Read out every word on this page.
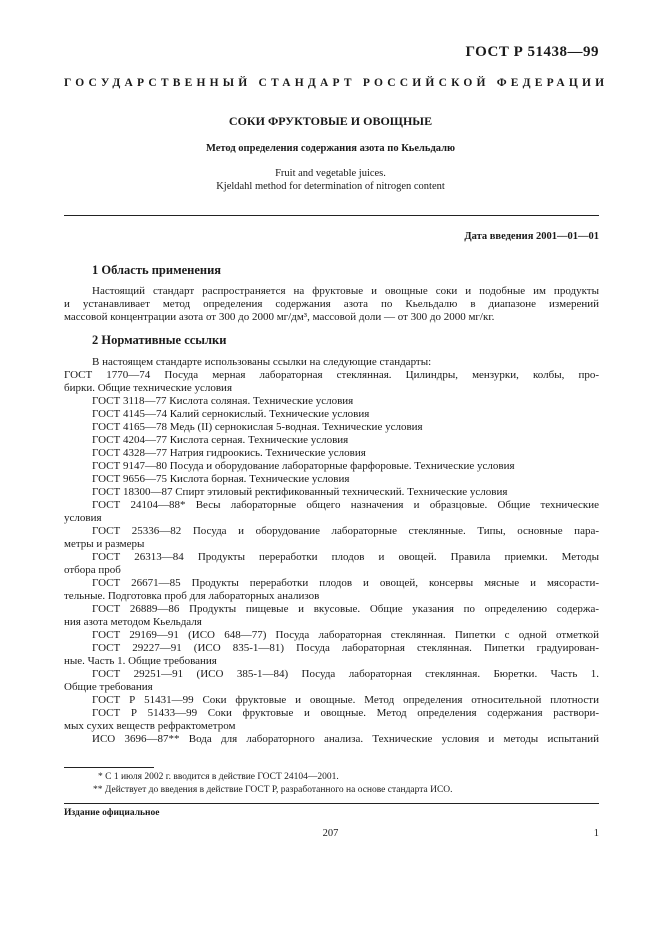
ГОСТ Р 51438—99
ГОСУДАРСТВЕННЫЙ СТАНДАРТ РОССИЙСКОЙ ФЕДЕРАЦИИ
СОКИ ФРУКТОВЫЕ И ОВОЩНЫЕ
Метод определения содержания азота по Кьельдалю
Fruit and vegetable juices.
Kjeldahl method for determination of nitrogen content
Дата введения 2001—01—01
1 Область применения
Настоящий стандарт распространяется на фруктовые и овощные соки и подобные им продукты
и устанавливает метод определения содержания азота по Кьельдалю в диапазоне измерений
массовой концентрации азота от 300 до 2000 мг/дм³, массовой доли — от 300 до 2000 мг/кг.
2 Нормативные ссылки
В настоящем стандарте использованы ссылки на следующие стандарты:
ГОСТ 1770—74 Посуда мерная лабораторная стеклянная. Цилиндры, мензурки, колбы, про-
бирки. Общие технические условия
ГОСТ 3118—77 Кислота соляная. Технические условия
ГОСТ 4145—74 Калий сернокислый. Технические условия
ГОСТ 4165—78 Медь (II) сернокислая 5-водная. Технические условия
ГОСТ 4204—77 Кислота серная. Технические условия
ГОСТ 4328—77 Натрия гидроокись. Технические условия
ГОСТ 9147—80 Посуда и оборудование лабораторные фарфоровые. Технические условия
ГОСТ 9656—75 Кислота борная. Технические условия
ГОСТ 18300—87 Спирт этиловый ректификованный технический. Технические условия
ГОСТ 24104—88* Весы лабораторные общего назначения и образцовые. Общие технические
условия
ГОСТ 25336—82 Посуда и оборудование лабораторные стеклянные. Типы, основные пара-
метры и размеры
ГОСТ 26313—84 Продукты переработки плодов и овощей. Правила приемки. Методы
отбора проб
ГОСТ 26671—85 Продукты переработки плодов и овощей, консервы мясные и мясорасти-
тельные. Подготовка проб для лабораторных анализов
ГОСТ 26889—86 Продукты пищевые и вкусовые. Общие указания по определению содержа-
ния азота методом Кьельдаля
ГОСТ 29169—91 (ИСО 648—77) Посуда лабораторная стеклянная. Пипетки с одной отметкой
ГОСТ 29227—91 (ИСО 835-1—81) Посуда лабораторная стеклянная. Пипетки градуирован-
ные. Часть 1. Общие требования
ГОСТ 29251—91 (ИСО 385-1—84) Посуда лабораторная стеклянная. Бюретки. Часть 1.
Общие требования
ГОСТ Р 51431—99 Соки фруктовые и овощные. Метод определения относительной плотности
ГОСТ Р 51433—99 Соки фруктовые и овощные. Метод определения содержания раствори-
мых сухих веществ рефрактометром
ИСО 3696—87** Вода для лабораторного анализа. Технические условия и методы испытаний
* С 1 июля 2002 г. вводится в действие ГОСТ 24104—2001.
** Действует до введения в действие ГОСТ Р, разработанного на основе стандарта ИСО.
Издание официальное
207	1
